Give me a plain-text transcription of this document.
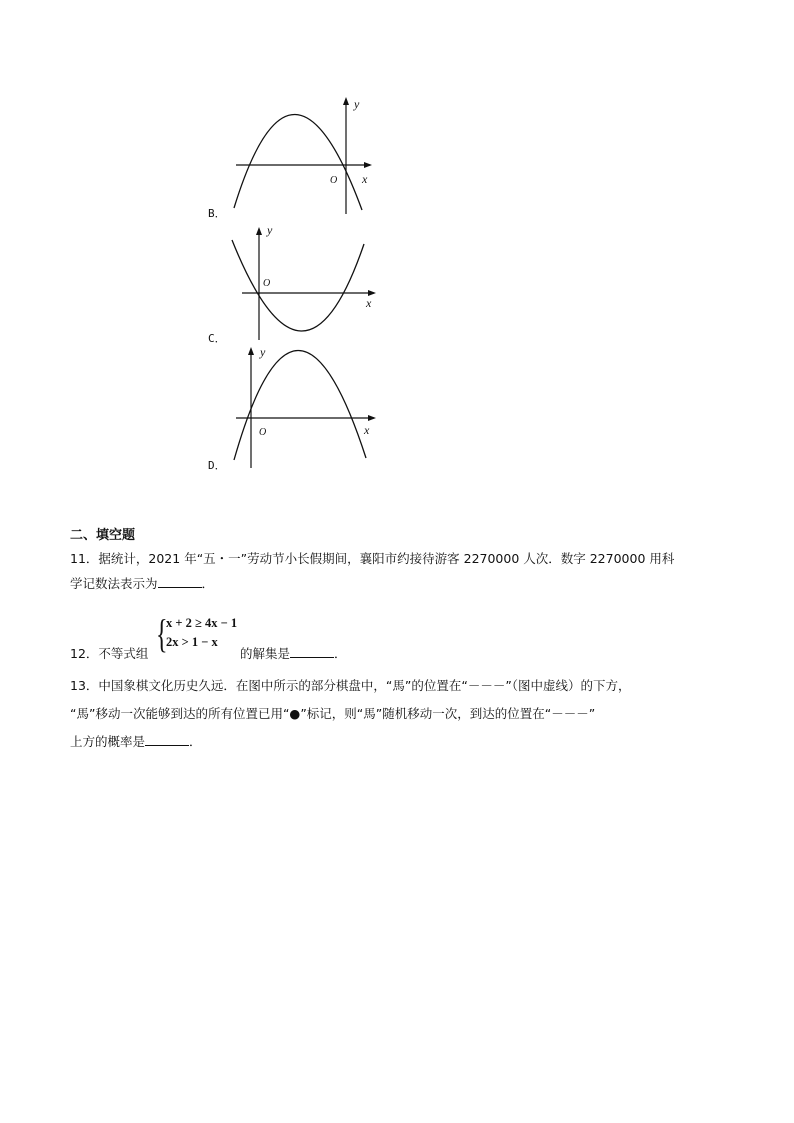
y
x
O
B．
y
x
O
C．
y
x
O
D．
二、填空题
11．据统计，2021 年“五・一”劳动节小长假期间，襄阳市约接待游客 2270000 人次．数字 2270000 用科
学记数法表示为	．
12．不等式组 {
x + 2 ≥ 4x − 1
2x > 1 − x
的解集是	．
13．中国象棋文化历史久远．在图中所示的部分棋盘中，“馬”的位置在“－－－”（图中虚线）的下方，
“馬”移动一次能够到达的所有位置已用“●”标记，则“馬”随机移动一次，到达的位置在“－－－”
上方的概率是	．
